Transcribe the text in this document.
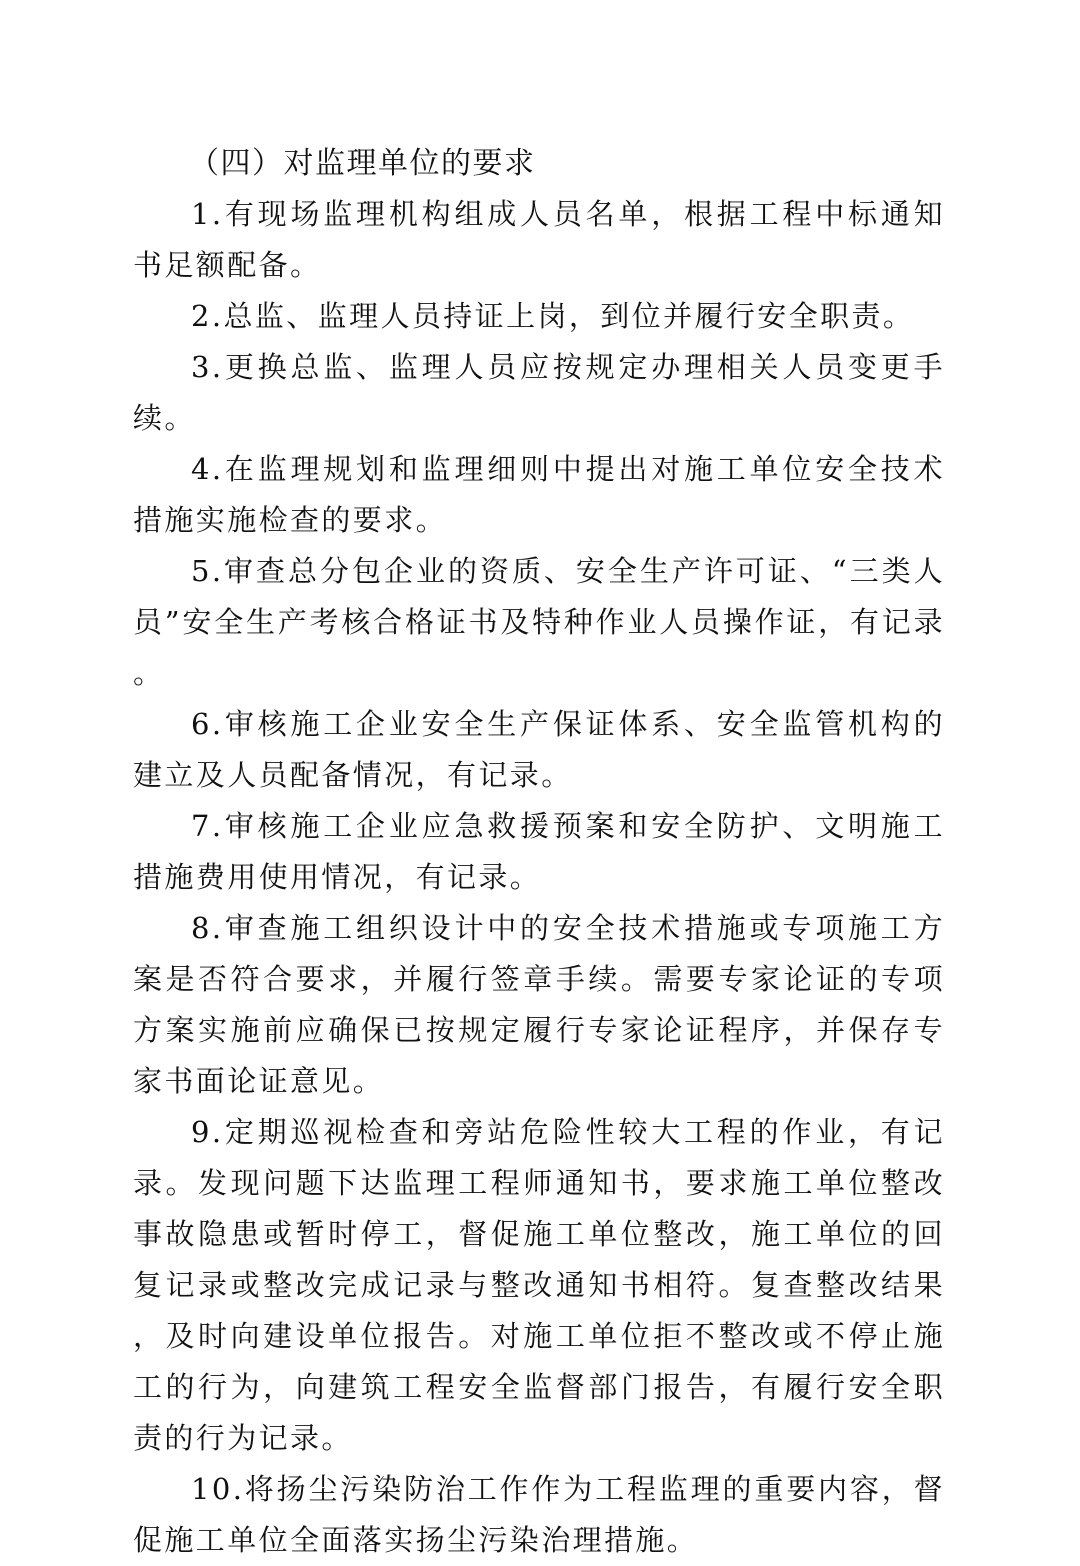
（四）对监理单位的要求

1.有现场监理机构组成人员名单，根据工程中标通知书足额配备。

2.总监、监理人员持证上岗，到位并履行安全职责。

3.更换总监、监理人员应按规定办理相关人员变更手续。

4.在监理规划和监理细则中提出对施工单位安全技术措施实施检查的要求。

5.审查总分包企业的资质、安全生产许可证、“三类人员”安全生产考核合格证书及特种作业人员操作证，有记录。

6.审核施工企业安全生产保证体系、安全监管机构的建立及人员配备情况，有记录。

7.审核施工企业应急救援预案和安全防护、文明施工措施费用使用情况，有记录。

8.审查施工组织设计中的安全技术措施或专项施工方案是否符合要求，并履行签章手续。需要专家论证的专项方案实施前应确保已按规定履行专家论证程序，并保存专家书面论证意见。

9.定期巡视检查和旁站危险性较大工程的作业，有记录。发现问题下达监理工程师通知书，要求施工单位整改事故隐患或暂时停工，督促施工单位整改，施工单位的回复记录或整改完成记录与整改通知书相符。复查整改结果，及时向建设单位报告。对施工单位拒不整改或不停止施工的行为，向建筑工程安全监督部门报告，有履行安全职责的行为记录。

10.将扬尘污染防治工作作为工程监理的重要内容，督促施工单位全面落实扬尘污染治理措施。
